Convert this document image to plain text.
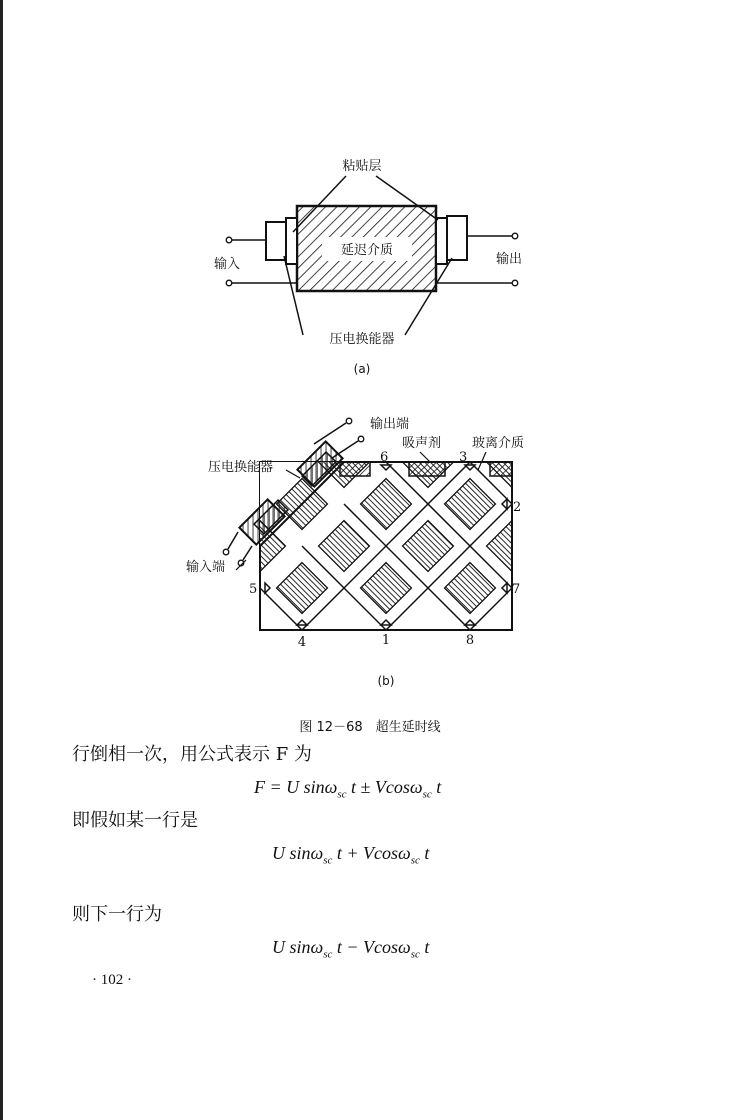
延迟介质
粘贴层
输入	输出
压电换能器
(a)
输出端
吸声剂 玻离介质
压电换能器
输入端
1
2
3
4
5
6
7
8
(b)
图 12－68　超生延时线
行倒相一次，用公式表示 F 为
F = U sinω$_{sc}$ t ± Vcosω$_{sc}$ t
即假如某一行是
U sinω$_{sc}$ t + Vcosω$_{sc}$ t
则下一行为
U sinω$_{sc}$ t − Vcosω$_{sc}$ t
· 102 ·
